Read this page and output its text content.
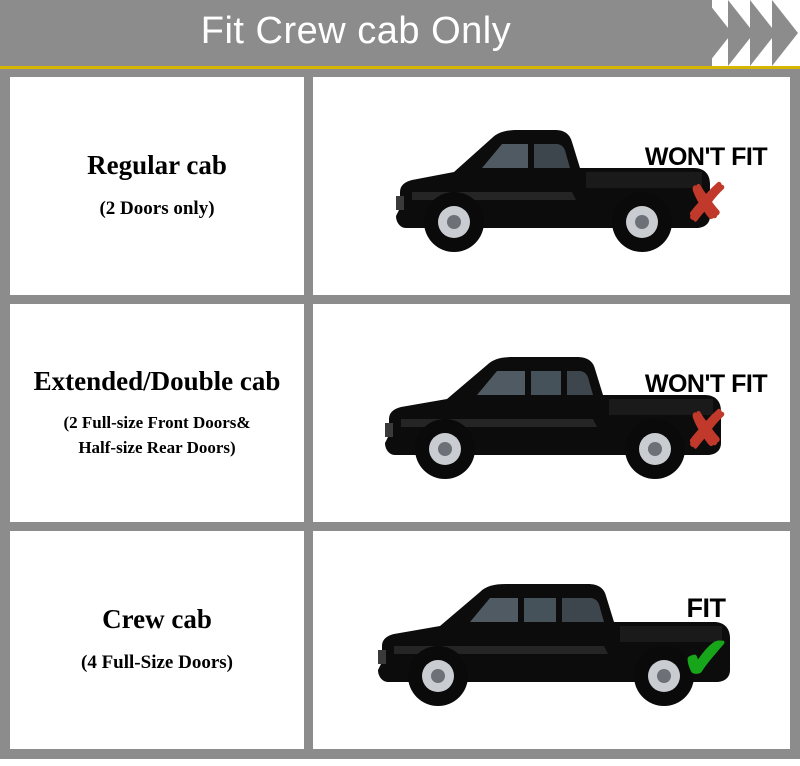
Fit Crew cab Only
Regular cab
(2 Doors only)
WON'T FIT
✘
Extended/Double cab
(2 Full-size Front Doors&
Half-size Rear Doors)
WON'T FIT
✘
Crew cab
(4 Full-Size Doors)
FIT
✔
